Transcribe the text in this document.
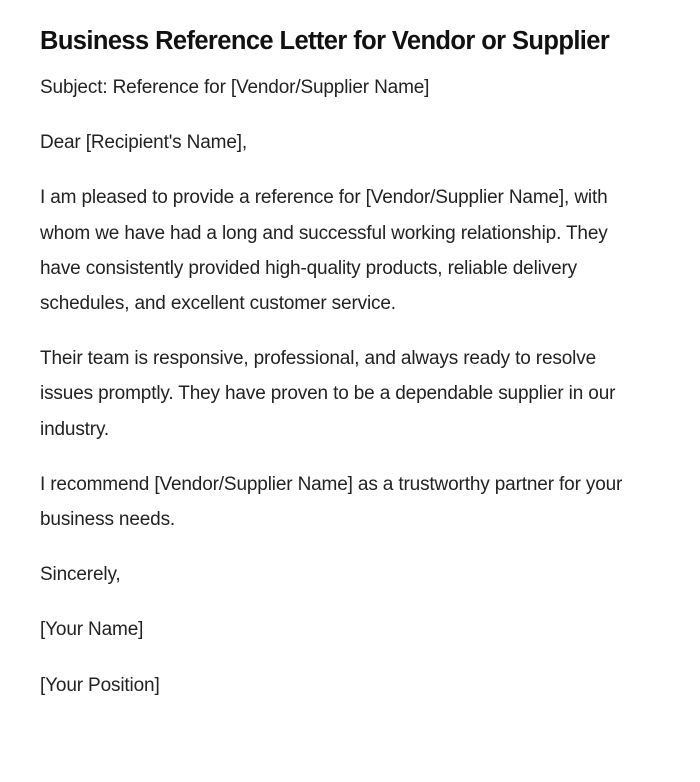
Business Reference Letter for Vendor or Supplier

Subject: Reference for [Vendor/Supplier Name]

Dear [Recipient's Name],

I am pleased to provide a reference for [Vendor/Supplier Name], with whom we have had a long and successful working relationship. They have consistently provided high-quality products, reliable delivery schedules, and excellent customer service.

Their team is responsive, professional, and always ready to resolve issues promptly. They have proven to be a dependable supplier in our industry.

I recommend [Vendor/Supplier Name] as a trustworthy partner for your business needs.

Sincerely,

[Your Name]

[Your Position]
